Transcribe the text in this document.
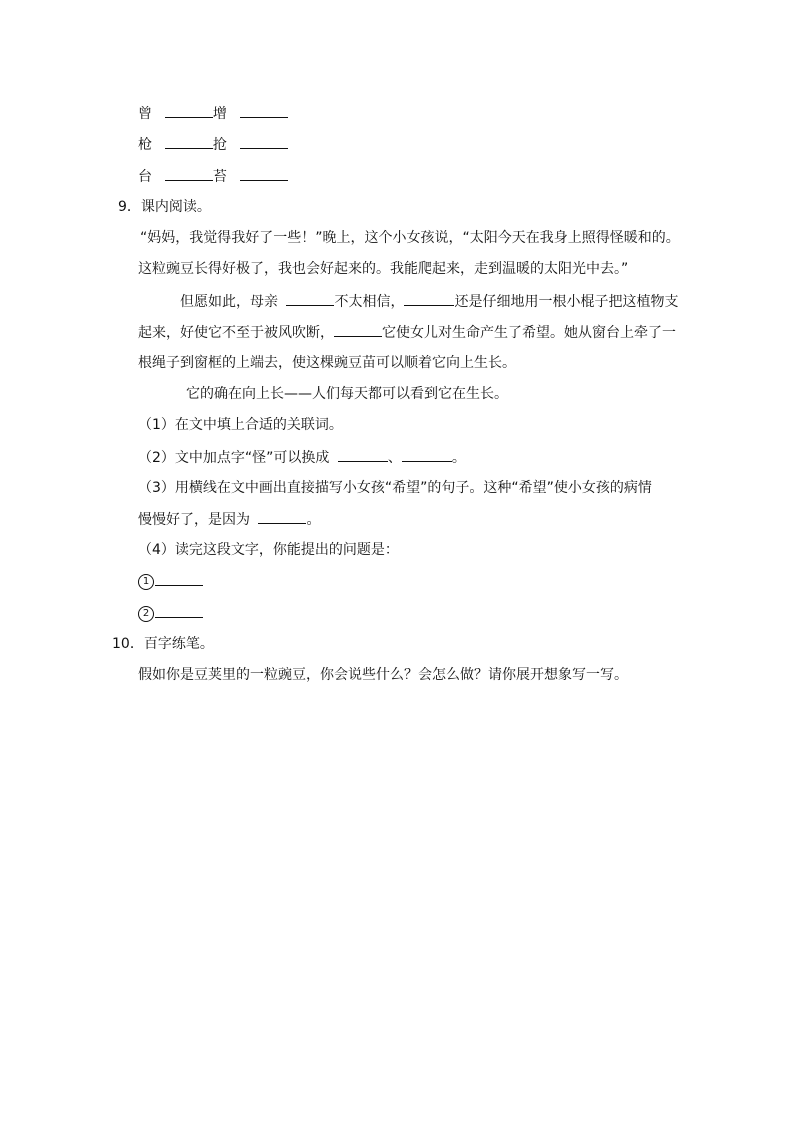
曾	增
枪	抢
台	苔
9．课内阅读。
“妈妈，我觉得我好了一些！”晚上，这个小女孩说，“太阳今天在我身上照得怪暖和的。
这粒豌豆长得好极了，我也会好起来的。我能爬起来，走到温暖的太阳光中去。”
但愿如此，母亲	不太相信，	还是仔细地用一根小棍子把这植物支
起来，好使它不至于被风吹断，	它使女儿对生命产生了希望。她从窗台上牵了一
根绳子到窗框的上端去，使这棵豌豆苗可以顺着它向上生长。
它的确在向上长——人们每天都可以看到它在生长。
（1）在文中填上合适的关联词。
（2）文中加点字“怪”可以换成	、	。
（3）用横线在文中画出直接描写小女孩“希望”的句子。这种“希望”使小女孩的病情
慢慢好了，是因为	。
（4）读完这段文字，你能提出的问题是：
1
2
10．百字练笔。
假如你是豆荚里的一粒豌豆，你会说些什么？会怎么做？请你展开想象写一写。
